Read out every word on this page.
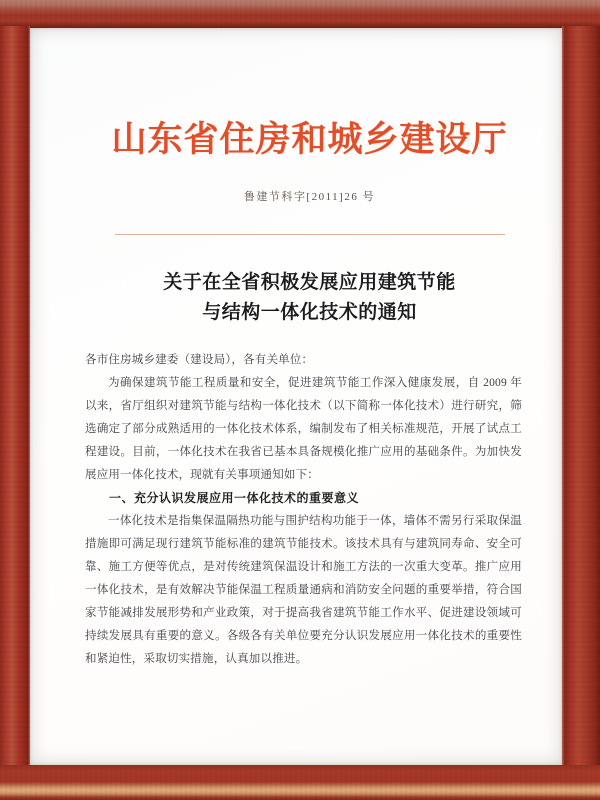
山东省住房和城乡建设厅
鲁建节科字[2011]26 号
关于在全省积极发展应用建筑节能
与结构一体化技术的通知

各市住房城乡建委（建设局），各有关单位：

为确保建筑节能工程质量和安全，促进建筑节能工作深入健康发展，自 2009 年以来，省厅组织对建筑节能与结构一体化技术（以下简称一体化技术）进行研究，筛选确定了部分成熟适用的一体化技术体系，编制发布了相关标准规范，开展了试点工程建设。目前，一体化技术在我省已基本具备规模化推广应用的基础条件。为加快发展应用一体化技术，现就有关事项通知如下：

一、充分认识发展应用一体化技术的重要意义

一体化技术是指集保温隔热功能与围护结构功能于一体，墙体不需另行采取保温措施即可满足现行建筑节能标准的建筑节能技术。该技术具有与建筑同寿命、安全可靠、施工方便等优点，是对传统建筑保温设计和施工方法的一次重大变革。推广应用一体化技术，是有效解决节能保温工程质量通病和消防安全问题的重要举措，符合国家节能减排发展形势和产业政策，对于提高我省建筑节能工作水平、促进建设领域可持续发展具有重要的意义。各级各有关单位要充分认识发展应用一体化技术的重要性和紧迫性，采取切实措施，认真加以推进。
